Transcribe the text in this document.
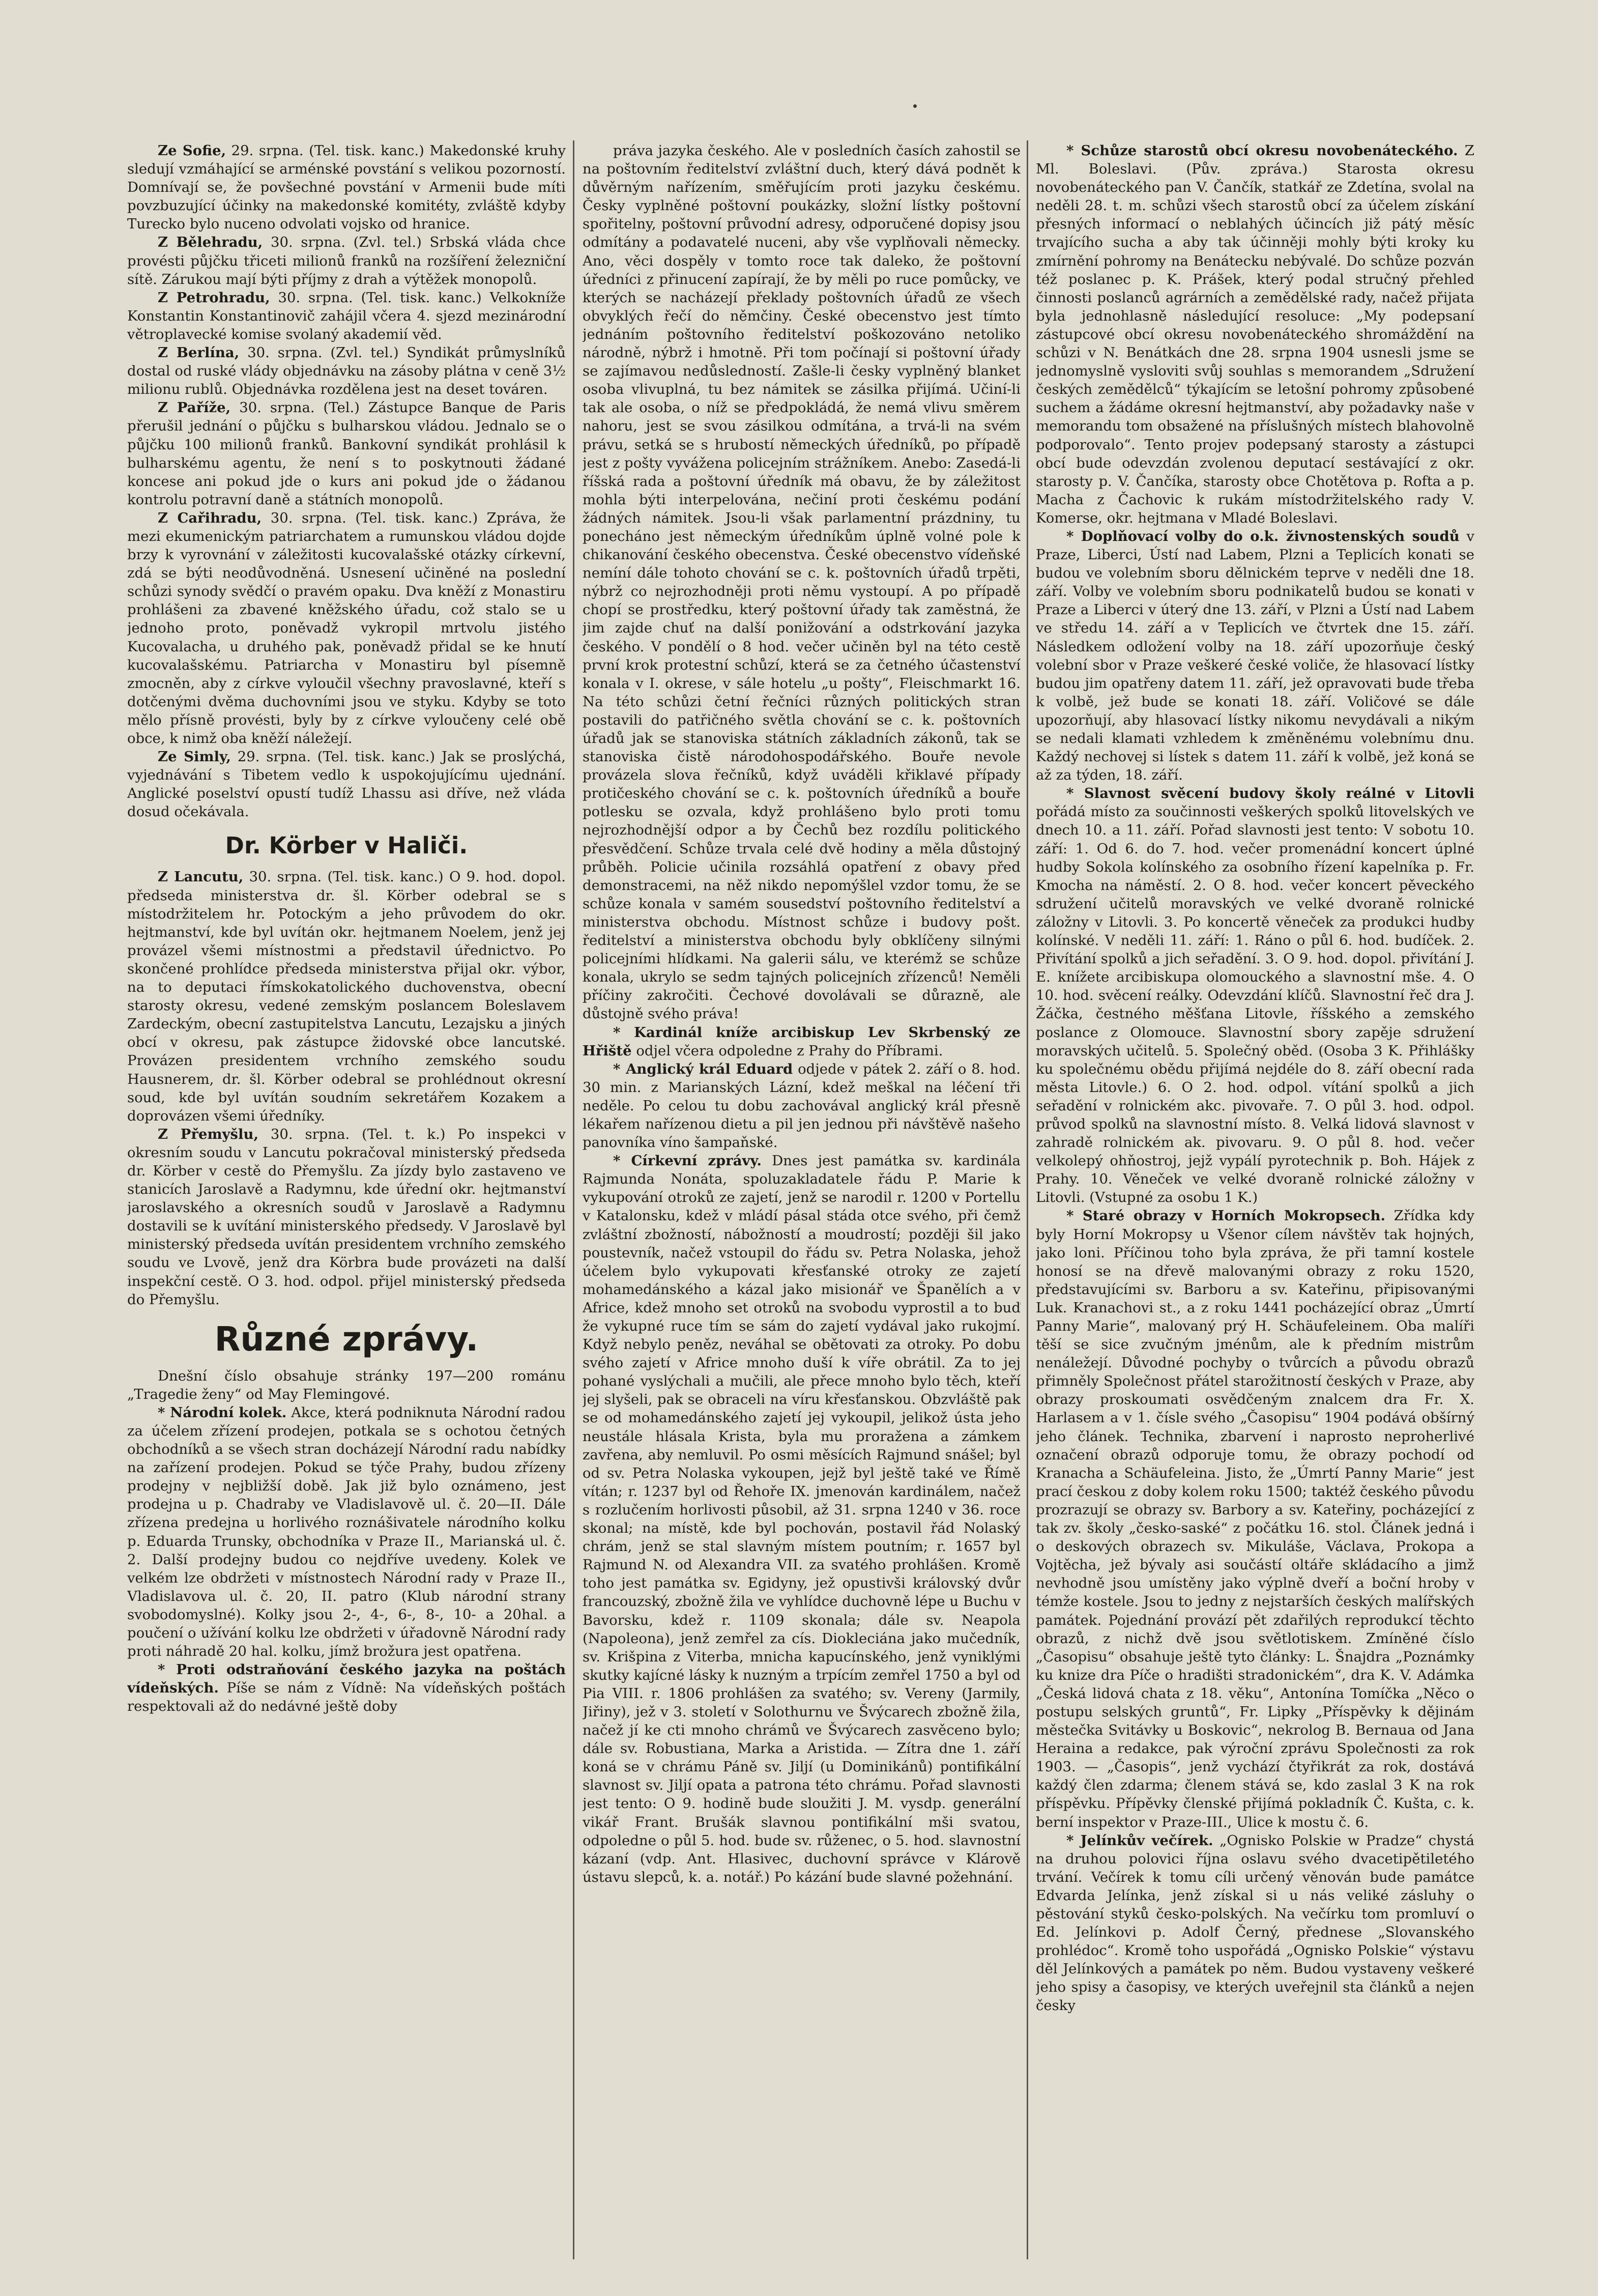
Ze Sofie, 29. srpna. (Tel. tisk. kanc.) Makedonské kruhy sledují vzmáhající se arménské povstání s velikou pozorností. Domnívají se, že povšechné povstání v Armenii bude míti povzbuzující účinky na makedonské komitéty, zvláště kdyby Turecko bylo nuceno odvolati vojsko od hranice.

Z Bělehradu, 30. srpna. (Zvl. tel.) Srbská vláda chce provésti půjčku třiceti milionů franků na rozšíření železniční sítě. Zárukou mají býti příjmy z drah a výtěžek monopolů.

Z Petrohradu, 30. srpna. (Tel. tisk. kanc.) Velkokníže Konstantin Konstantinovič zahájil včera 4. sjezd mezinárodní větroplavecké komise svolaný akademií věd.

Z Berlína, 30. srpna. (Zvl. tel.) Syndikát průmyslníků dostal od ruské vlády objednávku na zásoby plátna v ceně 3½ milionu rublů. Objednávka rozdělena jest na deset továren.

Z Paříže, 30. srpna. (Tel.) Zástupce Banque de Paris přerušil jednání o půjčku s bulharskou vládou. Jednalo se o půjčku 100 milionů franků. Bankovní syndikát prohlásil k bulharskému agentu, že není s to poskytnouti žádané koncese ani pokud jde o kurs ani pokud jde o žádanou kontrolu potravní daně a státních monopolů.

Z Cařihradu, 30. srpna. (Tel. tisk. kanc.) Zpráva, že mezi ekumenickým patriarchatem a rumunskou vládou dojde brzy k vyrovnání v záležitosti kucovalašské otázky církevní, zdá se býti neodůvodněná. Usnesení učiněné na poslední schůzi synody svědčí o pravém opaku. Dva kněží z Monastiru prohlášeni za zbavené kněžského úřadu, což stalo se u jednoho proto, poněvadž vykropil mrtvolu jistého Kucovalacha, u druhého pak, poněvadž přidal se ke hnutí kucovalašskému. Patriarcha v Monastiru byl písemně zmocněn, aby z církve vyloučil všechny pravoslavné, kteří s dotčenými dvěma duchovními jsou ve styku. Kdyby se toto mělo přísně provésti, byly by z církve vyloučeny celé obě obce, k nimž oba kněží náležejí.

Ze Simly, 29. srpna. (Tel. tisk. kanc.) Jak se proslýchá, vyjednávání s Tibetem vedlo k uspokojujícímu ujednání. Anglické poselství opustí tudíž Lhassu asi dříve, než vláda dosud očekávala.

Dr. Körber v Haliči.

Z Lancutu, 30. srpna. (Tel. tisk. kanc.) O 9. hod. dopol. předseda ministerstva dr. šl. Körber odebral se s místodržitelem hr. Potockým a jeho průvodem do okr. hejtmanství, kde byl uvítán okr. hejtmanem Noelem, jenž jej provázel všemi místnostmi a představil úřednictvo. Po skončené prohlídce předseda ministerstva přijal okr. výbor, na to deputaci římskokatolického duchovenstva, obecní starosty okresu, vedené zemským poslancem Boleslavem Zardeckým, obecní zastupitelstva Lancutu, Lezajsku a jiných obcí v okresu, pak zástupce židovské obce lancutské. Provázen presidentem vrchního zemského soudu Hausnerem, dr. šl. Körber odebral se prohlédnout okresní soud, kde byl uvítán soudním sekretářem Kozakem a doprovázen všemi úředníky.

Z Přemyšlu, 30. srpna. (Tel. t. k.) Po inspekci v okresním soudu v Lancutu pokračoval ministerský předseda dr. Körber v cestě do Přemyšlu. Za jízdy bylo zastaveno ve stanicích Jaroslavě a Radymnu, kde úřední okr. hejtmanství jaroslavského a okresních soudů v Jaroslavě a Radymnu dostavili se k uvítání ministerského předsedy. V Jaroslavě byl ministerský předseda uvítán presidentem vrchního zemského soudu ve Lvově, jenž dra Körbra bude provázeti na další inspekční cestě. O 3. hod. odpol. přijel ministerský předseda do Přemyšlu.

Různé zprávy.

Dnešní číslo obsahuje stránky 197—200 románu „Tragedie ženy“ od May Flemingové.

* Národní kolek. Akce, která podniknuta Národní radou za účelem zřízení prodejen, potkala se s ochotou četných obchodníků a se všech stran docházejí Národní radu nabídky na zařízení prodejen. Pokud se týče Prahy, budou zřízeny prodejny v nejbližší době. Jak již bylo oznámeno, jest prodejna u p. Chadraby ve Vladislavově ul. č. 20—II. Dále zřízena predejna u horlivého roznášivatele národního kolku p. Eduarda Trunsky, obchodníka v Praze II., Marianská ul. č. 2. Další prodejny budou co nejdříve uvedeny. Kolek ve velkém lze obdržeti v místnostech Národní rady v Praze II., Vladislavova ul. č. 20, II. patro (Klub národní strany svobodomyslné). Kolky jsou 2-, 4-, 6-, 8-, 10- a 20hal. a poučení o užívání kolku lze obdržeti v úřadovně Národní rady proti náhradě 20 hal. kolku, jímž brožura jest opatřena.

* Proti odstraňování českého jazyka na poštách vídeňských. Píše se nám z Vídně: Na vídeňských poštách respektovali až do nedávné ještě doby

práva jazyka českého. Ale v posledních časích zahostil se na poštovním ředitelství zvláštní duch, který dává podnět k důvěrným nařízením, směřujícím proti jazyku českému. Česky vyplněné poštovní poukázky, složní lístky poštovní spořitelny, poštovní průvodní adresy, odporučené dopisy jsou odmítány a podavatelé nuceni, aby vše vyplňovali německy. Ano, věci dospěly v tomto roce tak daleko, že poštovní úředníci z přinucení zapírají, že by měli po ruce pomůcky, ve kterých se nacházejí překlady poštovních úřadů ze všech obvyklých řečí do němčiny. České obecenstvo jest tímto jednáním poštovního ředitelství poškozováno netoliko národně, nýbrž i hmotně. Při tom počínají si poštovní úřady se zajímavou nedůsledností. Zašle-li česky vyplněný blanket osoba vlivuplná, tu bez námitek se zásilka přijímá. Učiní-li tak ale osoba, o níž se předpokládá, že nemá vlivu směrem nahoru, jest se svou zásilkou odmítána, a trvá-li na svém právu, setká se s hrubostí německých úředníků, po případě jest z pošty vyvážena policejním strážníkem. Anebo: Zasedá-li říšská rada a poštovní úředník má obavu, že by záležitost mohla býti interpelována, nečiní proti českému podání žádných námitek. Jsou-li však parlamentní prázdniny, tu ponecháno jest německým úředníkům úplně volné pole k chikanování českého obecenstva. České obecenstvo vídeňské nemíní dále tohoto chování se c. k. poštovních úřadů trpěti, nýbrž co nejrozhodněji proti němu vystoupí. A po případě chopí se prostředku, který poštovní úřady tak zaměstná, že jim zajde chuť na další ponižování a odstrkování jazyka českého. V pondělí o 8 hod. večer učiněn byl na této cestě první krok protestní schůzí, která se za četného účastenství konala v I. okrese, v sále hotelu „u pošty“, Fleischmarkt 16. Na této schůzi četní řečníci různých politických stran postavili do patřičného světla chování se c. k. poštovních úřadů jak se stanoviska státních základních zákonů, tak se stanoviska čistě národohospodářského. Bouře nevole provázela slova řečníků, když uváděli křiklavé případy protičeského chování se c. k. poštovních úředníků a bouře potlesku se ozvala, když prohlášeno bylo proti tomu nejrozhodnější odpor a by Čechů bez rozdílu politického přesvědčení. Schůze trvala celé dvě hodiny a měla důstojný průběh. Policie učinila rozsáhlá opatření z obavy před demonstracemi, na něž nikdo nepomýšlel vzdor tomu, že se schůze konala v samém sousedství poštovního ředitelství a ministerstva obchodu. Místnost schůze i budovy pošt. ředitelství a ministerstva obchodu byly obklíčeny silnými policejními hlídkami. Na galerii sálu, ve kterémž se schůze konala, ukrylo se sedm tajných policejních zřízenců! Neměli příčiny zakročiti. Čechové dovolávali se důrazně, ale důstojně svého práva!

* Kardinál kníže arcibiskup Lev Skrbenský ze Hřiště odjel včera odpoledne z Prahy do Příbrami.

* Anglický král Eduard odjede v pátek 2. září o 8. hod. 30 min. z Marianských Lázní, kdež meškal na léčení tři neděle. Po celou tu dobu zachovával anglický král přesně lékařem nařízenou dietu a pil jen jednou při návštěvě našeho panovníka víno šampaňské.

* Církevní zprávy. Dnes jest památka sv. kardinála Rajmunda Nonáta, spoluzakladatele řádu P. Marie k vykupování otroků ze zajetí, jenž se narodil r. 1200 v Portellu v Katalonsku, kdež v mládí pásal stáda otce svého, při čemž zvláštní zbožností, nábožností a moudrostí; později šil jako poustevník, načež vstoupil do řádu sv. Petra Nolaska, jehož účelem bylo vykupovati křesťanské otroky ze zajetí mohamedánského a kázal jako misionář ve Španělích a v Africe, kdež mnoho set otroků na svobodu vyprostil a to buď že vykupné ruce tím se sám do zajetí vydával jako rukojmí. Když nebylo peněz, neváhal se obětovati za otroky. Po dobu svého zajetí v Africe mnoho duší k víře obrátil. Za to jej pohané vyslýchali a mučili, ale přece mnoho bylo těch, kteří jej slyšeli, pak se obraceli na víru křesťanskou. Obzvláště pak se od mohamedánského zajetí jej vykoupil, jelikož ústa jeho neustále hlásala Krista, byla mu proražena a zámkem zavřena, aby nemluvil. Po osmi měsících Rajmund snášel; byl od sv. Petra Nolaska vykoupen, jejž byl ještě také ve Římě vítán; r. 1237 byl od Řehoře IX. jmenován kardinálem, načež s rozlučením horlivosti působil, až 31. srpna 1240 v 36. roce skonal; na místě, kde byl pochován, postavil řád Nolaský chrám, jenž se stal slavným místem poutním; r. 1657 byl Rajmund N. od Alexandra VII. za svatého prohlášen. Kromě toho jest památka sv. Egidyny, jež opustivši královský dvůr francouzský, zbožně žila ve vyhlídce duchovně lépe u Buchu v Bavorsku, kdež r. 1109 skonala; dále sv. Neapola (Napoleona), jenž zemřel za cís. Diokleciána jako mučedník, sv. Krišpina z Viterba, mnicha kapucínského, jenž vyniklými skutky kajícné lásky k nuzným a trpícím zemřel 1750 a byl od Pia VIII. r. 1806 prohlášen za svatého; sv. Vereny (Jarmily, Jiřiny), jež v 3. století v Solothurnu ve Švýcarech zbožně žila, načež jí ke cti mnoho chrámů ve Švýcarech zasvěceno bylo; dále sv. Robustiana, Marka a Aristida. — Zítra dne 1. září koná se v chrámu Páně sv. Jiljí (u Dominikánů) pontifikální slavnost sv. Jiljí opata a patrona této chrámu. Pořad slavnosti jest tento: O 9. hodině bude sloužiti J. M. vysdp. generální vikář Frant. Brušák slavnou pontifikální mši svatou, odpoledne o půl 5. hod. bude sv. růženec, o 5. hod. slavnostní kázaní (vdp. Ant. Hlasivec, duchovní správce v Klárově ústavu slepců, k. a. notář.) Po kázání bude slavné požehnání.

* Schůze starostů obcí okresu novobenáteckého. Z Ml. Boleslavi. (Pův. zpráva.) Starosta okresu novobenáteckého pan V. Čančík, statkář ze Zdetína, svolal na neděli 28. t. m. schůzi všech starostů obcí za účelem získání přesných informací o neblahých účincích již pátý měsíc trvajícího sucha a aby tak účinněji mohly býti kroky ku zmírnění pohromy na Benátecku nebývalé. Do schůze pozván též poslanec p. K. Prášek, který podal stručný přehled činnosti poslanců agrárních a zemědělské rady, načež přijata byla jednohlasně následující resoluce: „My podepsaní zástupcové obcí okresu novobenáteckého shromáždění na schůzi v N. Benátkách dne 28. srpna 1904 usnesli jsme se jednomyslně vysloviti svůj souhlas s memorandem „Sdružení českých zemědělců“ týkajícím se letošní pohromy způsobené suchem a žádáme okresní hejtmanství, aby požadavky naše v memorandu tom obsažené na příslušných místech blahovolně podporovalo“. Tento projev podepsaný starosty a zástupci obcí bude odevzdán zvolenou deputací sestávající z okr. starosty p. V. Čančíka, starosty obce Chotětova p. Rofta a p. Macha z Čachovic k rukám místodržitelského rady V. Komerse, okr. hejtmana v Mladé Boleslavi.

* Doplňovací volby do o.k. živnostenských soudů v Praze, Liberci, Ústí nad Labem, Plzni a Teplicích konati se budou ve volebním sboru dělnickém teprve v neděli dne 18. září. Volby ve volebním sboru podnikatelů budou se konati v Praze a Liberci v úterý dne 13. září, v Plzni a Ústí nad Labem ve středu 14. září a v Teplicích ve čtvrtek dne 15. září. Následkem odložení volby na 18. září upozorňuje český volební sbor v Praze veškeré české voliče, že hlasovací lístky budou jim opatřeny datem 11. září, jež opravovati bude třeba k volbě, jež bude se konati 18. září. Voličové se dále upozorňují, aby hlasovací lístky nikomu nevydávali a nikým se nedali klamati vzhledem k změněnému volebnímu dnu. Každý nechovej si lístek s datem 11. září k volbě, jež koná se až za týden, 18. září.

* Slavnost svěcení budovy školy reálné v Litovli pořádá místo za součinnosti veškerých spolků litovelských ve dnech 10. a 11. září. Pořad slavnosti jest tento: V sobotu 10. září: 1. Od 6. do 7. hod. večer promenádní koncert úplné hudby Sokola kolínského za osobního řízení kapelníka p. Fr. Kmocha na náměstí. 2. O 8. hod. večer koncert pěveckého sdružení učitelů moravských ve velké dvoraně rolnické záložny v Litovli. 3. Po koncertě věneček za produkci hudby kolínské. V neděli 11. září: 1. Ráno o půl 6. hod. budíček. 2. Přivítání spolků a jich seřadění. 3. O 9. hod. dopol. přivítání J. E. knížete arcibiskupa olomouckého a slavnostní mše. 4. O 10. hod. svěcení reálky. Odevzdání klíčů. Slavnostní řeč dra J. Žáčka, čestného měšťana Litovle, říšského a zemského poslance z Olomouce. Slavnostní sbory zapěje sdružení moravských učitelů. 5. Společný oběd. (Osoba 3 K. Přihlášky ku společnému obědu přijímá nejdéle do 8. září obecní rada města Litovle.) 6. O 2. hod. odpol. vítání spolků a jich seřadění v rolnickém akc. pivovaře. 7. O půl 3. hod. odpol. průvod spolků na slavnostní místo. 8. Velká lidová slavnost v zahradě rolnickém ak. pivovaru. 9. O půl 8. hod. večer velkolepý ohňostroj, jejž vypálí pyrotechnik p. Boh. Hájek z Prahy. 10. Věneček ve velké dvoraně rolnické záložny v Litovli. (Vstupné za osobu 1 K.)

* Staré obrazy v Horních Mokropsech. Zřídka kdy byly Horní Mokropsy u Všenor cílem návštěv tak hojných, jako loni. Příčinou toho byla zpráva, že při tamní kostele honosí se na dřevě malovanými obrazy z roku 1520, představujícími sv. Barboru a sv. Kateřinu, připisovanými Luk. Kranachovi st., a z roku 1441 pocházející obraz „Úmrtí Panny Marie“, malovaný prý H. Schäufeleinem. Oba malíři těší se sice zvučným jménům, ale k předním mistrům nenáležejí. Důvodné pochyby o tvůrcích a původu obrazů přimněly Společnost přátel starožitností českých v Praze, aby obrazy proskoumati osvědčeným znalcem dra Fr. X. Harlasem a v 1. čísle svého „Časopisu“ 1904 podává obšírný jeho článek. Technika, zbarvení i naprosto neproherlivé označení obrazů odporuje tomu, že obrazy pochodí od Kranacha a Schäufeleina. Jisto, že „Úmrtí Panny Marie“ jest prací českou z doby kolem roku 1500; taktéž českého původu prozrazují se obrazy sv. Barbory a sv. Kateřiny, pocházející z tak zv. školy „česko-saské“ z počátku 16. stol. Článek jedná i o deskových obrazech sv. Mikuláše, Václava, Prokopa a Vojtěcha, jež bývaly asi součástí oltáře skládacího a jimž nevhodně jsou umístěny jako výplně dveří a boční hroby v témže kostele. Jsou to jedny z nejstarších českých malířských památek. Pojednání provází pět zdařilých reprodukcí těchto obrazů, z nichž dvě jsou světlotiskem. Zmíněné číslo „Časopisu“ obsahuje ještě tyto články: L. Šnajdra „Poznámky ku knize dra Píče o hradišti stradonickém“, dra K. V. Adámka „Česká lidová chata z 18. věku“, Antonína Tomíčka „Něco o postupu selských gruntů“, Fr. Lipky „Příspěvky k dějinám městečka Svitávky u Boskovic“, nekrolog B. Bernaua od Jana Heraina a redakce, pak výroční zprávu Společnosti za rok 1903. — „Časopis“, jenž vychází čtyřikrát za rok, dostává každý člen zdarma; členem stává se, kdo zaslal 3 K na rok příspěvku. Přípěvky členské přijímá pokladník Č. Kušta, c. k. berní inspektor v Praze-III., Ulice k mostu č. 6.

* Jelínkův večírek. „Ognisko Polskie w Pradze“ chystá na druhou polovici října oslavu svého dvacetipětiletého trvání. Večírek k tomu cíli určený věnován bude památce Edvarda Jelínka, jenž získal si u nás veliké zásluhy o pěstování styků česko-polských. Na večírku tom promluví o Ed. Jelínkovi p. Adolf Černý, přednese „Slovanského prohlédoc“. Kromě toho uspořádá „Ognisko Polskie“ výstavu děl Jelínkových a památek po něm. Budou vystaveny veškeré jeho spisy a časopisy, ve kterých uveřejnil sta článků a nejen česky
